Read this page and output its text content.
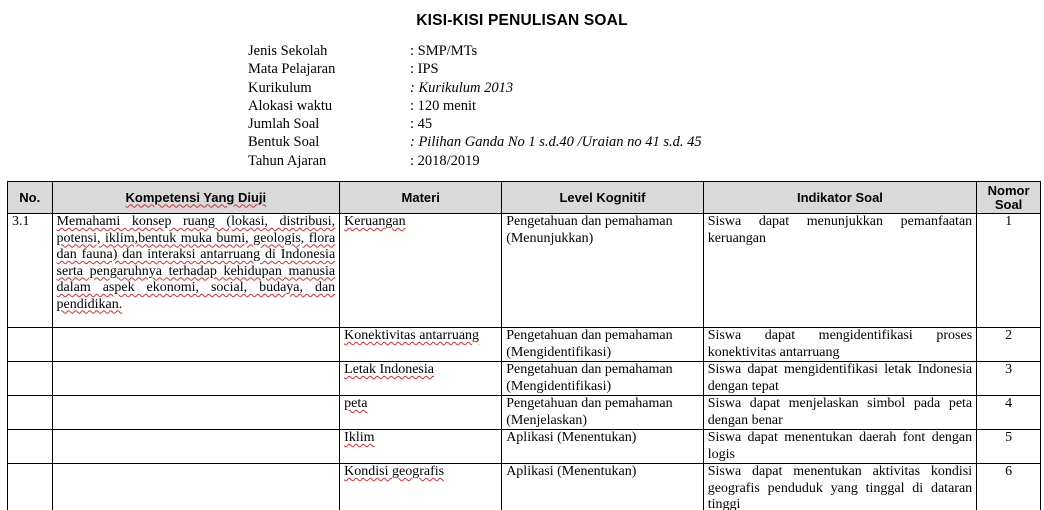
KISI-KISI PENULISAN SOAL
Jenis Sekolah	: SMP/MTs
Mata Pelajaran	: IPS
Kurikulum	: Kurikulum 2013
Alokasi waktu	: 120 menit
Jumlah Soal	: 45
Bentuk Soal	: Pilihan Ganda No 1 s.d.40 /Uraian no 41 s.d. 45
Tahun Ajaran	: 2018/2019
No.	Kompetensi Yang Diuji	Materi	Level Kognitif	Indikator Soal	Nomor Soal
3.1	Memahami konsep ruang (lokasi, distribusi, potensi, iklim,bentuk muka bumi, geologis, flora dan fauna) dan interaksi antarruang di Indonesia serta pengaruhnya terhadap kehidupan manusia dalam aspek ekonomi, social, budaya, dan pendidikan.	Keruangan	Pengetahuan dan pemahaman (Menunjukkan)	Siswa dapat menunjukkan pemanfaatan keruangan	1
		Konektivitas antarruang	Pengetahuan dan pemahaman (Mengidentifikasi)	Siswa dapat mengidentifikasi proses konektivitas antarruang	2
		Letak Indonesia	Pengetahuan dan pemahaman (Mengidentifikasi)	Siswa dapat mengidentifikasi letak Indonesia dengan tepat	3
		peta	Pengetahuan dan pemahaman (Menjelaskan)	Siswa dapat menjelaskan simbol pada peta dengan benar	4
		Iklim	Aplikasi (Menentukan)	Siswa dapat menentukan daerah font dengan logis	5
		Kondisi geografis	Aplikasi (Menentukan)	Siswa dapat menentukan aktivitas kondisi geografis penduduk yang tinggal di dataran tinggi	6
